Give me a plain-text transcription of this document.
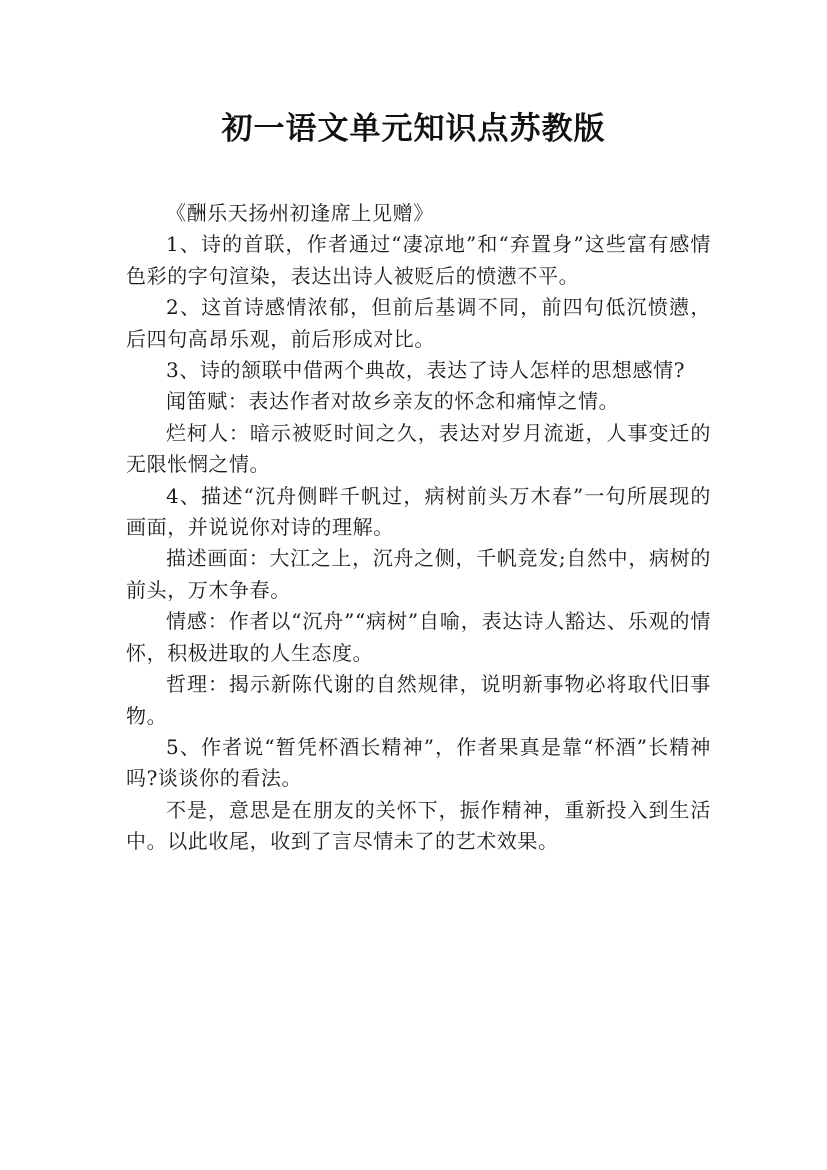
初一语文单元知识点苏教版

《酬乐天扬州初逢席上见赠》

1、诗的首联，作者通过“凄凉地”和“弃置身”这些富有感情色彩的字句渲染，表达出诗人被贬后的愤懑不平。

2、这首诗感情浓郁，但前后基调不同，前四句低沉愤懑，后四句高昂乐观，前后形成对比。

3、诗的颔联中借两个典故，表达了诗人怎样的思想感情?

闻笛赋：表达作者对故乡亲友的怀念和痛悼之情。

烂柯人：暗示被贬时间之久，表达对岁月流逝，人事变迁的无限怅惘之情。

4、描述“沉舟侧畔千帆过，病树前头万木春”一句所展现的画面，并说说你对诗的理解。

描述画面：大江之上，沉舟之侧，千帆竞发;自然中，病树的前头，万木争春。

情感：作者以“沉舟”“病树”自喻，表达诗人豁达、乐观的情怀，积极进取的人生态度。

哲理：揭示新陈代谢的自然规律，说明新事物必将取代旧事物。

5、作者说“暂凭杯酒长精神”，作者果真是靠“杯酒”长精神吗?谈谈你的看法。

不是，意思是在朋友的关怀下，振作精神，重新投入到生活中。以此收尾，收到了言尽情未了的艺术效果。
